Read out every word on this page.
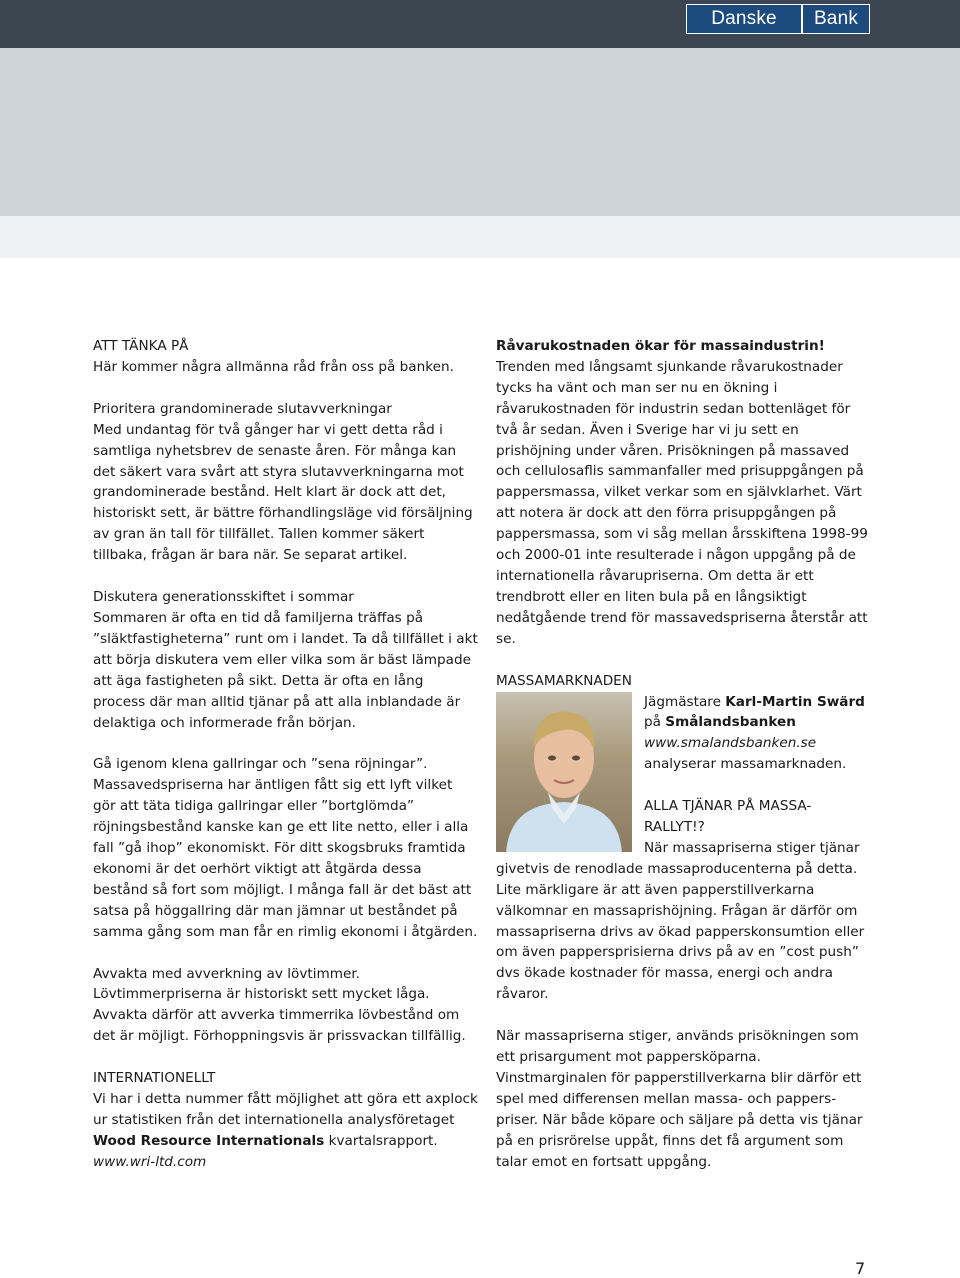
Danske	Bank

ATT TÄNKA PÅ

Här kommer några allmänna råd från oss på banken.

Prioritera grandominerade slutavverkningar

Med undantag för två gånger har vi gett detta råd i samtliga nyhetsbrev de senaste åren. För många kan det säkert vara svårt att styra slutavverkningarna mot grandominerade bestånd. Helt klart är dock att det, historiskt sett, är bättre förhandlingsläge vid försäljning av gran än tall för tillfället. Tallen kommer säkert tillbaka, frågan är bara när. Se separat artikel.

Diskutera generationsskiftet i sommar

Sommaren är ofta en tid då familjerna träffas på ”släktfastigheterna” runt om i landet. Ta då tillfället i akt att börja diskutera vem eller vilka som är bäst lämpade att äga fastigheten på sikt. Detta är ofta en lång process där man alltid tjänar på att alla inblandade är delaktiga och informerade från början.

Gå igenom klena gallringar och ”sena röjningar”.

Massavedspriserna har äntligen fått sig ett lyft vilket gör att täta tidiga gallringar eller ”bortglömda” röjningsbestånd kanske kan ge ett lite netto, eller i alla fall ”gå ihop” ekonomiskt. För ditt skogsbruks framtida ekonomi är det oerhört viktigt att åtgärda dessa bestånd så fort som möjligt. I många fall är det bäst att satsa på höggallring där man jämnar ut beståndet på samma gång som man får en rimlig ekonomi i åtgärden.

Avvakta med avverkning av lövtimmer.

Lövtimmerpriserna är historiskt sett mycket låga. Avvakta därför att avverka timmerrika lövbestånd om det är möjligt. Förhoppningsvis är prissvackan tillfällig.

INTERNATIONELLT

Vi har i detta nummer fått möjlighet att göra ett axplock ur statistiken från det internationella analysföretaget Wood Resource Internationals kvartalsrapport. www.wri-ltd.com

Råvarukostnaden ökar för massaindustrin!

Trenden med långsamt sjunkande råvarukostnader tycks ha vänt och man ser nu en ökning i råvarukostnaden för industrin sedan bottenläget för två år sedan. Även i Sverige har vi ju sett en prishöjning under våren. Prisökningen på massaved och cellulosaflis sammanfaller med prisuppgången på pappersmassa, vilket verkar som en självklarhet. Värt att notera är dock att den förra prisuppgången på pappersmassa, som vi såg mellan årsskiftena 1998-99 och 2000-01 inte resulterade i någon uppgång på de internationella råvarupriserna. Om detta är ett trendbrott eller en liten bula på en långsiktigt nedåtgående trend för massavedspriserna återstår att se.

MASSAMARKNADEN

Jägmästare Karl-Martin Swärd på Smålandsbanken www.smalandsbanken.se analyserar massamarknaden.

ALLA TJÄNAR PÅ MASSA-RALLYT!?

När massapriserna stiger tjänar givetvis de renodlade massaproducenterna på detta. Lite märkligare är att även papperstillverkarna välkomnar en massaprishöjning. Frågan är därför om massapriserna drivs av ökad papperskonsumtion eller om även pappersprisierna drivs på av en ”cost push” dvs ökade kostnader för massa, energi och andra råvaror.

När massapriserna stiger, används prisökningen som ett prisargument mot pappersköparna. Vinstmarginalen för papperstillverkarna blir därför ett spel med differensen mellan massa- och pappers-priser. När både köpare och säljare på detta vis tjänar på en prisrörelse uppåt, finns det få argument som talar emot en fortsatt uppgång.

7
